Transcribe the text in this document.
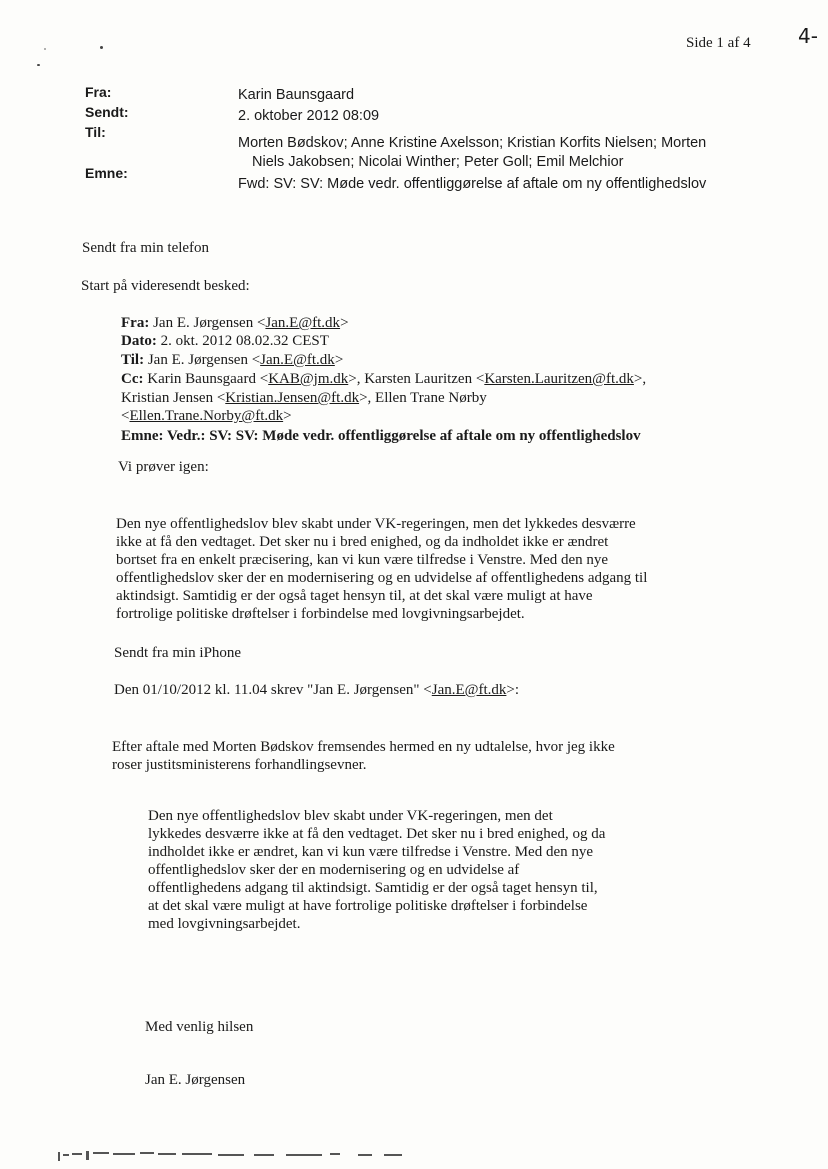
Side 1 af 4 4-
Fra:	Karin Baunsgaard
Sendt:	2. oktober 2012 08:09
Til:
Morten Bødskov; Anne Kristine Axelsson; Kristian Korfits Nielsen; Morten
Niels Jakobsen; Nicolai Winther; Peter Goll; Emil Melchior
Emne:
Fwd: SV: SV: Møde vedr. offentliggørelse af aftale om ny offentlighedslov
Sendt fra min telefon
Start på videresendt besked:
Fra: Jan E. Jørgensen <Jan.E@ft.dk>
Dato: 2. okt. 2012 08.02.32 CEST
Til: Jan E. Jørgensen <Jan.E@ft.dk>
Cc: Karin Baunsgaard <KAB@jm.dk>, Karsten Lauritzen <Karsten.Lauritzen@ft.dk>,
Kristian Jensen <Kristian.Jensen@ft.dk>, Ellen Trane Nørby
<Ellen.Trane.Norby@ft.dk>
Emne: Vedr.: SV: SV: Møde vedr. offentliggørelse af aftale om ny offentlighedslov
Vi prøver igen:
Den nye offentlighedslov blev skabt under VK-regeringen, men det lykkedes desværre
ikke at få den vedtaget. Det sker nu i bred enighed, og da indholdet ikke er ændret
bortset fra en enkelt præcisering, kan vi kun være tilfredse i Venstre. Med den nye
offentlighedslov sker der en modernisering og en udvidelse af offentlighedens adgang til
aktindsigt. Samtidig er der også taget hensyn til, at det skal være muligt at have
fortrolige politiske drøftelser i forbindelse med lovgivningsarbejdet.
Sendt fra min iPhone
Den 01/10/2012 kl. 11.04 skrev "Jan E. Jørgensen" <Jan.E@ft.dk>:
Efter aftale med Morten Bødskov fremsendes hermed en ny udtalelse, hvor jeg ikke
roser justitsministerens forhandlingsevner.
Den nye offentlighedslov blev skabt under VK-regeringen, men det
lykkedes desværre ikke at få den vedtaget. Det sker nu i bred enighed, og da
indholdet ikke er ændret, kan vi kun være tilfredse i Venstre. Med den nye
offentlighedslov sker der en modernisering og en udvidelse af
offentlighedens adgang til aktindsigt. Samtidig er der også taget hensyn til,
at det skal være muligt at have fortrolige politiske drøftelser i forbindelse
med lovgivningsarbejdet.
Med venlig hilsen
Jan E. Jørgensen
